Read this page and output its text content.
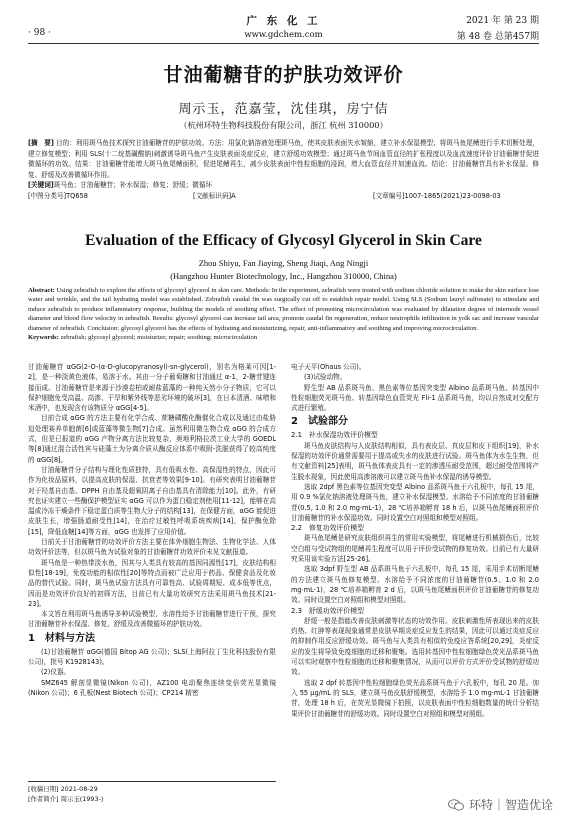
· 98 ·
广 东 化 工
www.gdchem.com
2021 年 第 23 期
第 48 卷 总第457期
甘油葡糖苷的护肤功效评价
周示玉，范嘉莹，沈佳琪，房宁佶
（杭州环特生物科技股份有限公司，浙江 杭州 310000）

[摘　要] 目的：利用斑马鱼技术探究甘油葡糖苷的护肤功效。方法：用氯化钠溶液处理斑马鱼，使其皮肤表面失水皱缩，建立补水保湿模型；将斑马鱼尾鳍进行手术切断处理，建立修复模型；利用 SLS(十二烷基磺酸钠)刺激诱导斑马鱼产生皮肤表面炎症反应，建立舒缓功效模型；通过斑马鱼节间血管直径的扩张程度以及血流速度评价甘油葡糖苷促进微循环的功效。结果：甘油葡糖苷能增大斑马鱼尾鳍面积，促进尾鳍再生，减少皮肤表面中性粒细胞的浸润，增大血管直径并加速血流。结论：甘油葡糖苷具有补水保湿、修复、舒缓及改善微循环作用。

[关键词]斑马鱼；甘油葡糖苷；补水保湿；修复；舒缓；微循环

[中图分类号]TQ658	[文献标识码]A	[文章编号]1007-1865(2021)23-0098-03
Evaluation of the Efficacy of Glycosyl Glycerol in Skin Care
Zhou Shiyu, Fan Jiaying, Sheng Jiaqi, Ang Ningji
(Hangzhou Hunter Biotechnology, Inc., Hangzhou 310000, China)

Abstract: Using zebrafish to explore the effects of glycosyl glycerol in skin care. Methods: In the experiment, zebrafish were treated with sodium chloride solution to make the skin surface lose water and wrinkle, and the tail hydrating model was established. Zebrafish caudal fin was surgically cut off to establish repair model. Using SLS (Sodium lauryl sulfonate) to stimulate and induce zebrafish to produce inflammatory response, building the models of soothing effect. The effect of promoting microcirculation was evaluated by dilatation degree of internode vessel diameter and blood flow velocity in zebrafish. Results: glycosyl glycerol can increase tail area, promote caudal fin regeneration, reduce neutrophils infiltration in yolk sac and increase vascular diameter of zebrafish. Conclusion: glycosyl glycerol has the effects of hydrating and moisturizing, repair, anti-inflammatory and soothing and improving microcirculation.

Keywords: zebrafish; glycosyl glycerol; moisturize; repair; soothing; microcirculation

甘油葡糖苷 αGG(2-O-(α-D-glucopyranosyl)-sn-glycerol)，别名为格莱可因[1-2]，是一种淡黄色液体，易溶于水。其由一分子葡萄糖和甘油通过 α-1，2-糖苷键连接而成。甘油葡糖苷是来源于沙漠卷柏或耐盐蓝藻的一种纯天然小分子物质，它可以保护细胞免受高温、高渗、干旱和紫外线等恶劣环境的破坏[3]，在日本清酒、味噌和米酒中，也发现含有该物质分 αGG[4-5]。

目前合成 αGG 的方法主要有化学合成、蔗糖磷酸化酶催化合成以及通过由盐胁迫处理赛养单胞菌[6]或蓝藻等微生物[7]合成。虽然利用微生物合成 αGG 的合成方式，但是已报道的 αGG 产物分离方法比较复杂，奥地利格拉茨工业大学的 GOEDL 等[8]通过混合活性宾与硅藻土为分离介质从酶反应体系中吸附-洗脱获得了较高纯度的 αGG[8]。

甘油葡糖苷分子结构与理化性质独特，具有低吸水性、高保湿性的特点，因此可作为化妆品原料，以提高皮肤的保湿、抗衰老等效果[9-10]。有研究表明甘油葡糖苷对于羟基自由基、DPPH 自由基及超氧阴离子自由基具有清除能力[10]。此外，有研究也证实建立一些酶保护模型证实 αGG 可以作为蛋白稳定剂使用[11-12]，能够在高温或冷冻干燥条件下稳定蛋白质等生物大分子的结构[13]，在保健方面，αGG 能促进皮肤生长，增强肠道耐受性[14]，在治疗过敏性呼吸系统疾病[14]，保护酶免除[15]，降低血糖[14]等方面，αGG 也发挥了应用价值。

目前关于甘油葡糖苷的功效评价方法主要在体外细胞生物法、生物化学法、人体功效评价法等，但以斑马鱼为试验对象的甘油葡糖苷功效评价未见文献报道。

斑马鱼是一种热带淡水鱼，因其与人类具有较高的基因同源性[17]，皮肤结构相似性[18-19]，免疫功能的相似性[20]等特点而被广泛应用于药品、保健食品及化妆品的替代试验。同时，斑马鱼试验方法具有可靠性高、试验周期短、成本低等优点，因而是功效评价良好的初筛方法，目前已有大量功效研究方法采用斑马鱼技术[21-23]。

本文旨在利用斑马鱼诱导多种试验模型，水溶性给予甘油葡糖苷进行干预，探究甘油葡糖苷补水保湿、修复、舒缓及改善微循环的护肤功效。

1　材料与方法

(1)甘油葡糖苷 αGG(德国 Bitop AG 公司)；SLS(上海阿拉丁生化科技股份有限公司)，批号 K1928143)。

(2)仪器。

SMZ645 解剖显微镜(Nikon 公司)，AZ100 电动聚焦连续变倍荧光显微镜(Nikon 公司)；6 孔板(Nest Biotech 公司)；CP214 精密

电子天平(Ohaus 公司)。

(3)试验动物。

野生型 AB 品系斑马鱼、黑色素等位基因突变型 Albino 品系斑马鱼、转基因中性粒细胞荧光斑马鱼、转基因绿色血管荧光 Fli-1 品系斑马鱼，均以自然成对交配方式进行繁殖。

2　试验部分
2.1　补水保湿功效评价模型

斑马鱼皮肤结构与人皮肤结构相似，具有表皮层、真皮层和皮下组织[19]，补水保湿的功效评价通常需要用于提高或失水的皮肤进行试验。斑马鱼体为水生生物，但有文献资料[25]表明，斑马鱼体表皮具有一定的渗透压耐受范围，超过耐受范围将产生脱水现象，因此使用高渗溶液可以建立斑马鱼补水保湿的诱导模型。

选取 2dpf 黑色素等位基因突变型 Albino 品系斑马鱼于六孔板中，每孔 15 尾，用 0.9 %氯化钠溶液处理斑马鱼，建立补水保湿模型。水溶给予不同浓度的甘油葡糖苷(0.5, 1.0 和 2.0 mg·mL-1)，28 ℃培养箱孵育 18 h 后，以斑马鱼尾鳍面积评价甘油葡糖苷的补水保湿功效。同时设置空白对照组和模型对照组。

2.2　修复功效评价模型

斑马鱼尾鳍是研究皮肤组织再生的常用实验模型，将尾鳍进行机械损伤后，比较空白组与受试物组的尾鳍再生程度可以用于评价受试物的修复功效。目前已有大量研究采用该实验方法[25-26]。

选取 3dpf 野生型 AB 品系斑马鱼于六孔板中，每孔 15 尾，采用手术切断尾鳍的方法建立斑马鱼修复模型。水溶给予不同浓度的甘油葡糖苷(0.5、1.0 和 2.0 mg·mL-1)，28 ℃培养箱孵育 2 d 后，以斑马鱼尾鳍面积评价甘油葡糖苷的修复功效。同时设置空白对照组和模型对照组。

2.3　舒缓功效评价模型

舒缓一般是指能改善皮肤刺激等状态的功效作用。皮肤刺激性所表现出来的皮肤灼热、红肿等表现现象通常是皮肤早期炎症反应发生的结果，因此可以通过炎症反应的抑制作用反应舒缓功效。斑马鱼与人类具有相似的免疫应答系统[20,29]，炎症反应的发生将导致免疫细胞的迁移和聚集。选用转基因中性粒细胞绿色荧光品系斑马鱼可以实时观察中性粒细胞的迁移和聚集情况，从而可以评价方式评价受试物的舒缓功效。

选取 2 dpf 转基因中性粒细胞绿色荧光品系斑马鱼于六孔板中，每孔 20 尾。加入 55 μg/mL 的 SLS，建立斑马鱼皮肤舒缓模型，水溶给予 1.0 mg·mL-1 甘油葡糖苷，处理 18 h 后，在荧光显微镜下拍照，以皮肤表面中性粒细胞数量的统计分析结果评价甘油葡糖苷的舒缓功效。同时设置空白对照组和模型对照组。

[收稿日期] 2021-08-29
[作者简介] 周示玉(1993-)	环特｜智造优诠
